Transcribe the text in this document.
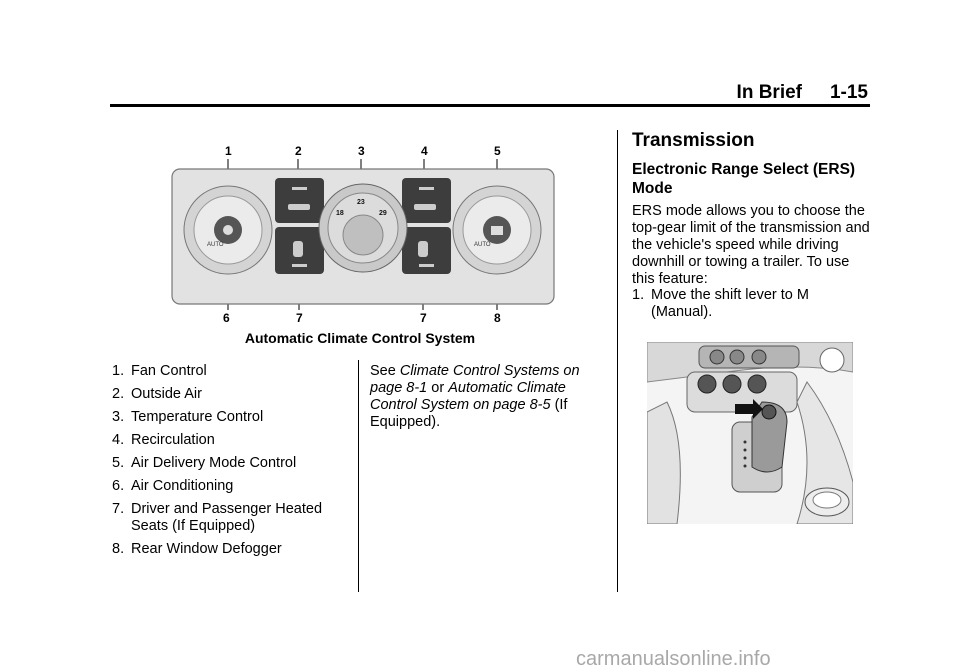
In Brief 1-15
1	2	3	4	5
6	7	7	8
AUTO
23
18	29
AUTO
Automatic Climate Control System
1. Fan Control
2. Outside Air
3. Temperature Control
4. Recirculation
5. Air Delivery Mode Control
6. Air Conditioning
7. Driver and Passenger Heated Seats (If Equipped)
8. Rear Window Defogger

See Climate Control Systems on page 8-1 or Automatic Climate Control System on page 8-5 (If Equipped).

Transmission
Electronic Range Select (ERS) Mode

ERS mode allows you to choose the top-gear limit of the transmission and the vehicle's speed while driving downhill or towing a trailer. To use this feature:

1. Move the shift lever to M (Manual).
carmanualsonline.info
